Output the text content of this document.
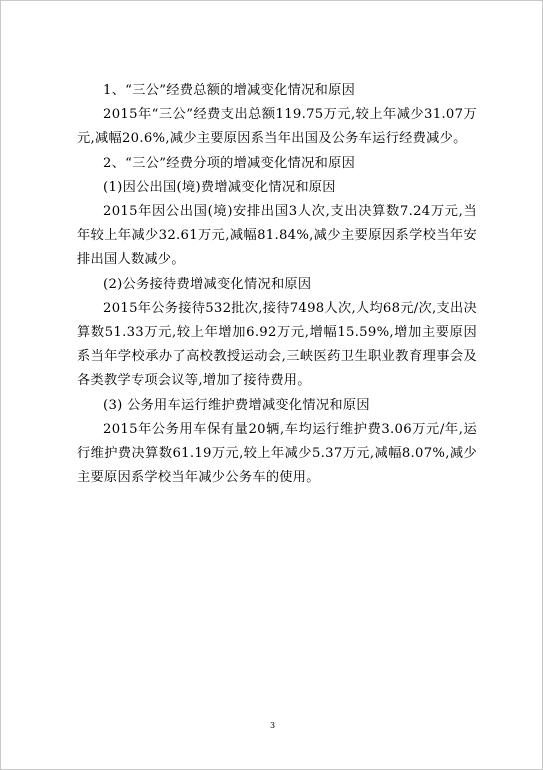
1、“三公”经费总额的增减变化情况和原因

2015年“三公”经费支出总额119.75万元,较上年减少31.07万元,减幅20.6%,减少主要原因系当年出国及公务车运行经费减少。

2、“三公”经费分项的增减变化情况和原因

(1)因公出国(境)费增减变化情况和原因

2015年因公出国(境)安排出国3人次,支出决算数7.24万元,当年较上年减少32.61万元,减幅81.84%,减少主要原因系学校当年安排出国人数减少。

(2)公务接待费增减变化情况和原因

2015年公务接待532批次,接待7498人次,人均68元/次,支出决算数51.33万元,较上年增加6.92万元,增幅15.59%,增加主要原因系当年学校承办了高校教授运动会,三峡医药卫生职业教育理事会及各类教学专项会议等,增加了接待费用。

(3) 公务用车运行维护费增减变化情况和原因

2015年公务用车保有量20辆,车均运行维护费3.06万元/年,运行维护费决算数61.19万元,较上年减少5.37万元,减幅8.07%,减少主要原因系学校当年减少公务车的使用。

3
